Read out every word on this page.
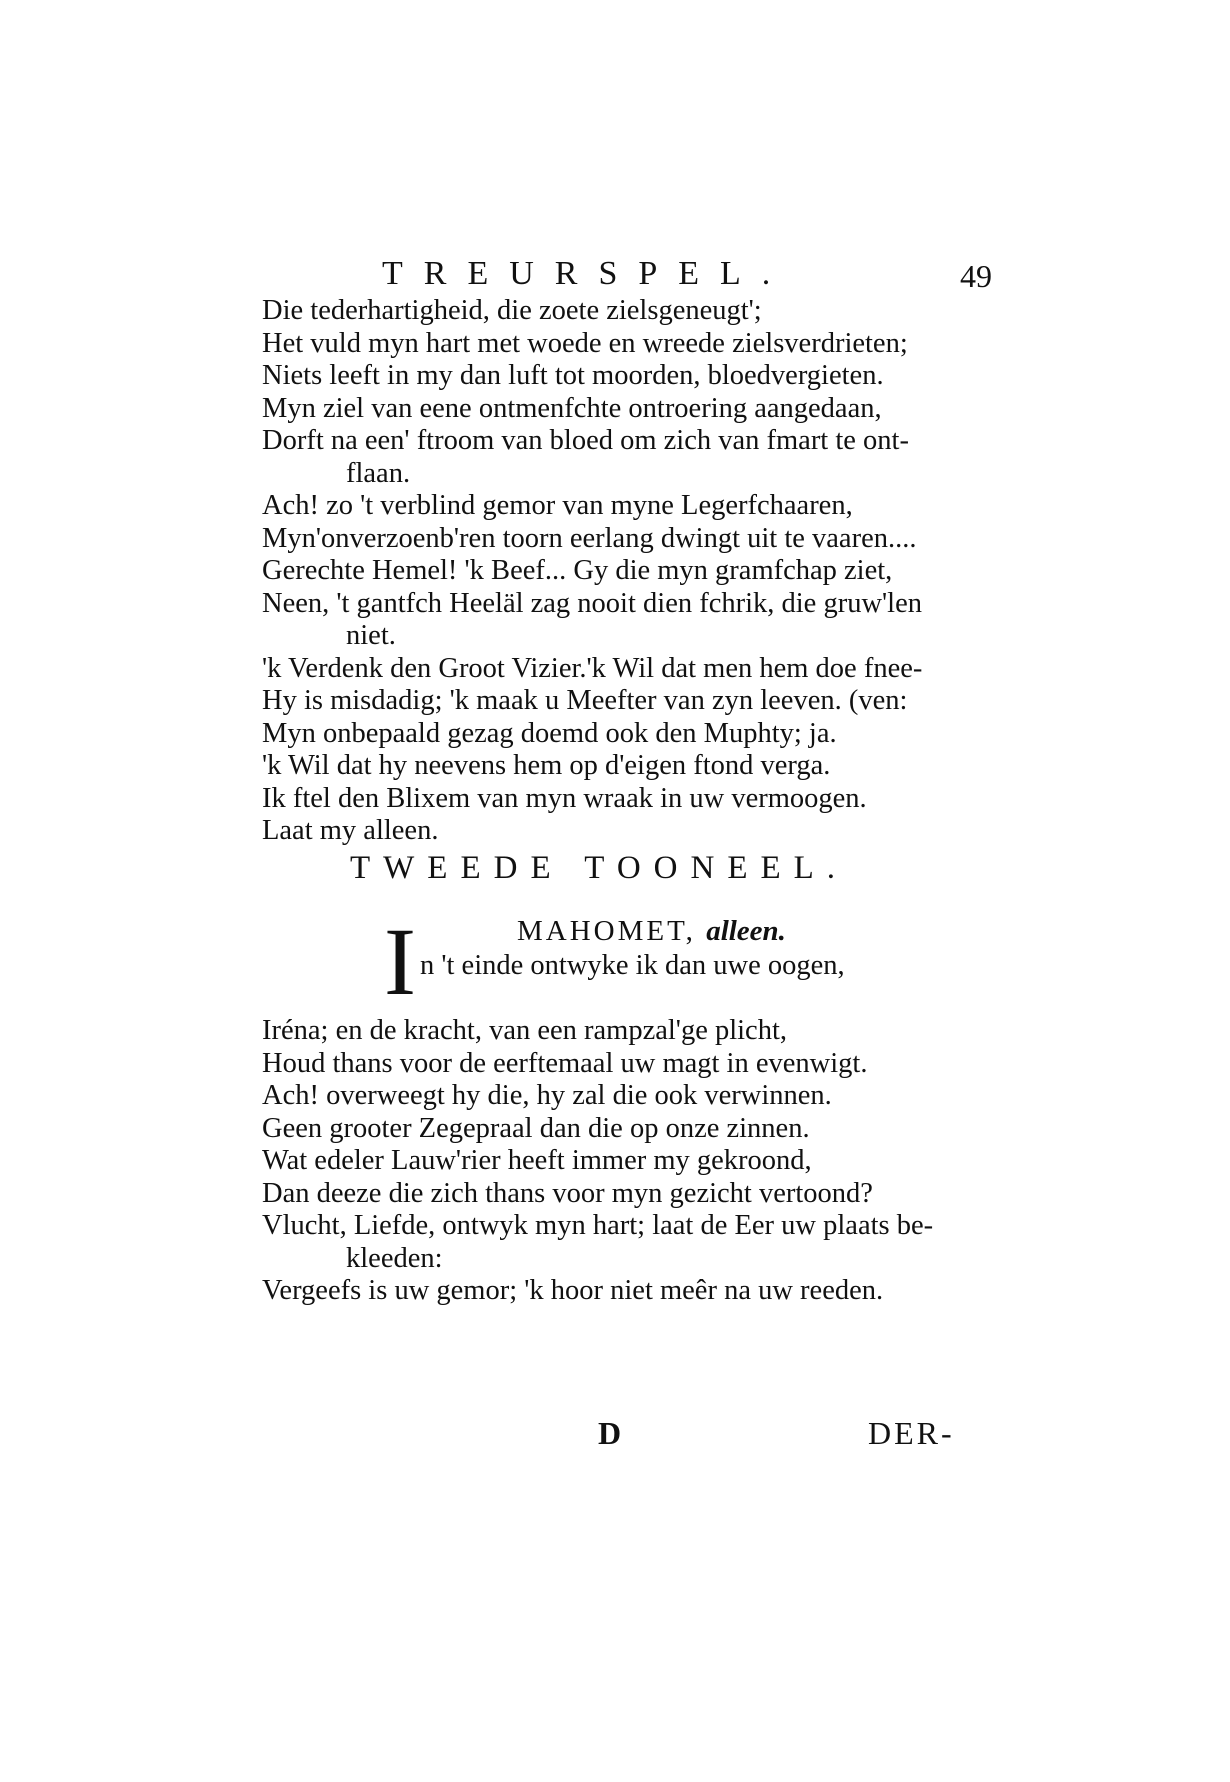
TREURSPEL.	49
Die tederhartigheid, die zoete zielsgeneugt';
Het vuld myn hart met woede en wreede zielsverdrieten;
Niets leeft in my dan luft tot moorden, bloedvergieten.
Myn ziel van eene ontmenfchte ontroering aangedaan,
Dorft na een' ftroom van bloed om zich van fmart te ont-
flaan.
Ach! zo 't verblind gemor van myne Legerfchaaren,
Myn'onverzoenb'ren toorn eerlang dwingt uit te vaaren....
Gerechte Hemel! 'k Beef... Gy die myn gramfchap ziet,
Neen, 't gantfch Heeläl zag nooit dien fchrik, die gruw'len
niet.
'k Verdenk den Groot Vizier.'k Wil dat men hem doe fnee-
Hy is misdadig; 'k maak u Meefter van zyn leeven. (ven:
Myn onbepaald gezag doemd ook den Muphty; ja.
'k Wil dat hy neevens hem op d'eigen ftond verga.
Ik ftel den Blixem van myn wraak in uw vermoogen.
Laat my alleen.
TWEEDE TOONEEL.
I	MAHOMET, alleen.
n 't einde ontwyke ik dan uwe oogen,
Iréna; en de kracht, van een rampzal'ge plicht,
Houd thans voor de eerftemaal uw magt in evenwigt.
Ach! overweegt hy die, hy zal die ook verwinnen.
Geen grooter Zegepraal dan die op onze zinnen.
Wat edeler Lauw'rier heeft immer my gekroond,
Dan deeze die zich thans voor myn gezicht vertoond?
Vlucht, Liefde, ontwyk myn hart; laat de Eer uw plaats be-
kleeden:
Vergeefs is uw gemor; 'k hoor niet meêr na uw reeden.
D	DER-
